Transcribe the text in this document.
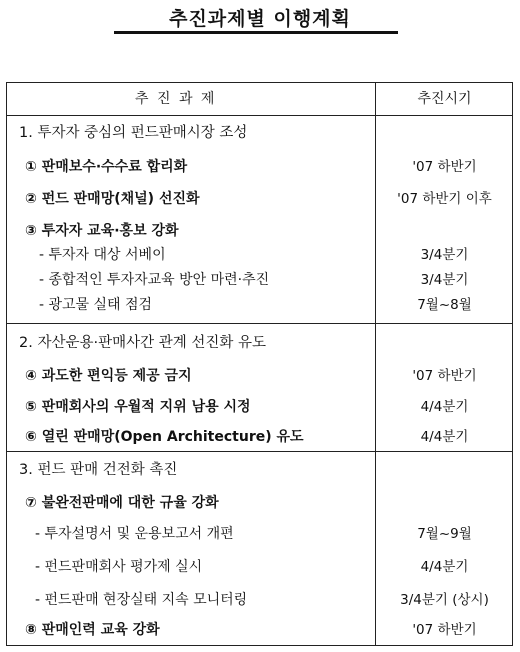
추진과제별 이행계획
추 진 과 제	추진시기
1. 투자자 중심의 펀드판매시장 조성
① 판매보수·수수료 합리화	'07 하반기
② 펀드 판매망(채널) 선진화	'07 하반기 이후
③ 투자자 교육·홍보 강화
- 투자자 대상 서베이	3/4분기
- 종합적인 투자자교육 방안 마련·추진	3/4분기
- 광고물 실태 점검	7월~8월
2. 자산운용·판매사간 관계 선진화 유도
④ 과도한 편익등 제공 금지	'07 하반기
⑤ 판매회사의 우월적 지위 남용 시정	4/4분기
⑥ 열린 판매망(Open Architecture) 유도	4/4분기
3. 펀드 판매 건전화 촉진
⑦ 불완전판매에 대한 규율 강화
- 투자설명서 및 운용보고서 개편	7월~9월
- 펀드판매회사 평가제 실시	4/4분기
- 펀드판매 현장실태 지속 모니터링	3/4분기 (상시)
⑧ 판매인력 교육 강화	'07 하반기
